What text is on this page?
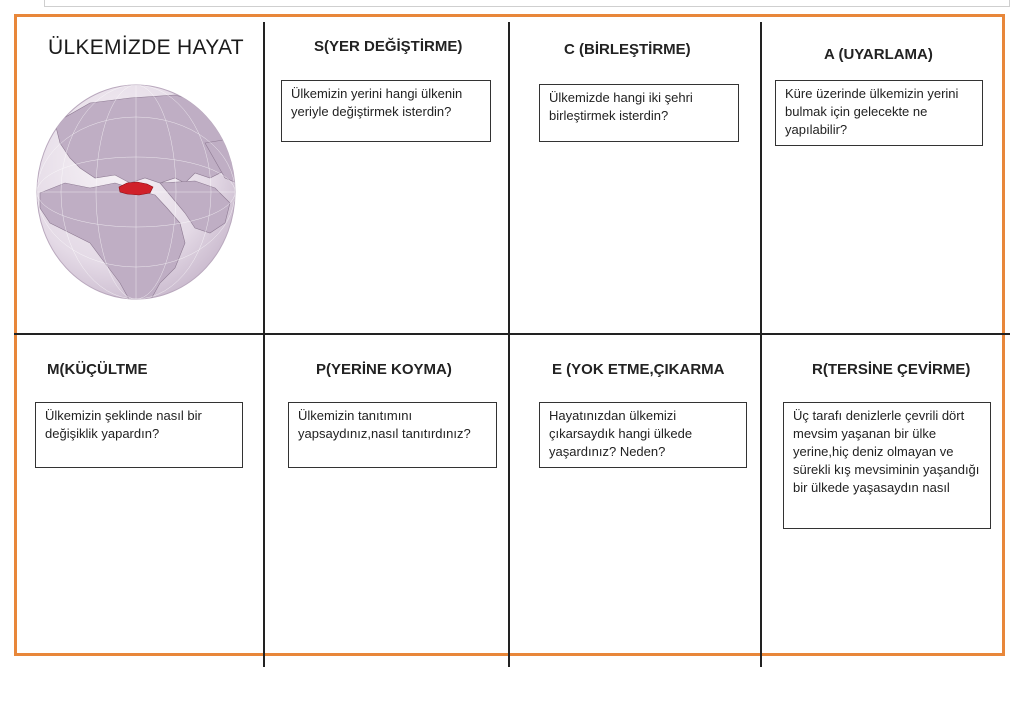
ÜLKEMİZDE HAYAT	S(YER DEĞİŞTİRME)
Ülkemizin yerini hangi ülkenin yeriyle değiştirmek isterdin?
C (BİRLEŞTİRME)
Ülkemizde hangi iki şehri birleştirmek isterdin?
A (UYARLAMA)
Küre üzerinde ülkemizin yerini bulmak için gelecekte ne yapılabilir?
M(KÜÇÜLTME
Ülkemizin şeklinde nasıl bir değişiklik yapardın?
P(YERİNE KOYMA)
Ülkemizin tanıtımını yapsaydınız,nasıl tanıtırdınız?
E (YOK ETME,ÇIKARMA
Hayatınızdan ülkemizi çıkarsaydık hangi ülkede yaşardınız? Neden?
R(TERSİNE ÇEVİRME)
Üç tarafı denizlerle çevrili dört mevsim yaşanan bir ülke yerine,hiç deniz olmayan ve sürekli kış mevsiminin yaşandığı bir ülkede yaşasaydın nasıl
